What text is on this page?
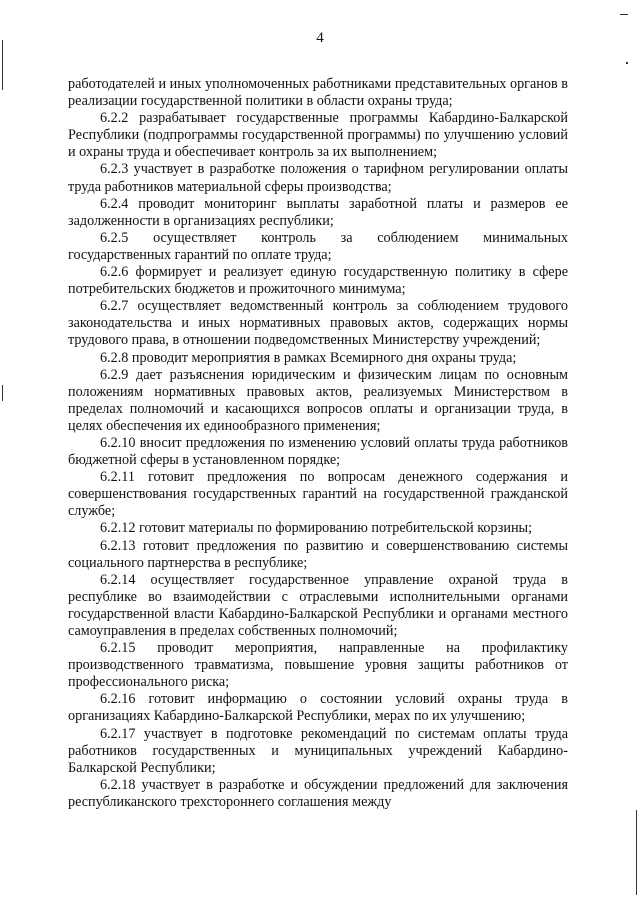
4

работодателей и иных уполномоченных работниками представительных органов в реализации государственной политики в области охраны труда;

6.2.2 разрабатывает государственные программы Кабардино-Балкарской Республики (подпрограммы государственной программы) по улучшению условий и охраны труда и обеспечивает контроль за их выполнением;

6.2.3 участвует в разработке положения о тарифном регулировании оплаты труда работников материальной сферы производства;

6.2.4 проводит мониторинг выплаты заработной платы и размеров ее задолженности в организациях республики;

6.2.5 осуществляет контроль за соблюдением минимальных государственных гарантий по оплате труда;

6.2.6 формирует и реализует единую государственную политику в сфере потребительских бюджетов и прожиточного минимума;

6.2.7 осуществляет ведомственный контроль за соблюдением трудового законодательства и иных нормативных правовых актов, содержащих нормы трудового права, в отношении подведомственных Министерству учреждений;

6.2.8 проводит мероприятия в рамках Всемирного дня охраны труда;

6.2.9 дает разъяснения юридическим и физическим лицам по основным положениям нормативных правовых актов, реализуемых Министерством в пределах полномочий и касающихся вопросов оплаты и организации труда, в целях обеспечения их единообразного применения;

6.2.10 вносит предложения по изменению условий оплаты труда работников бюджетной сферы в установленном порядке;

6.2.11 готовит предложения по вопросам денежного содержания и совершенствования государственных гарантий на государственной гражданской службе;

6.2.12 готовит материалы по формированию потребительской корзины;

6.2.13 готовит предложения по развитию и совершенствованию системы социального партнерства в республике;

6.2.14 осуществляет государственное управление охраной труда в республике во взаимодействии с отраслевыми исполнительными органами государственной власти Кабардино-Балкарской Республики и органами местного самоуправления в пределах собственных полномочий;

6.2.15 проводит мероприятия, направленные на профилактику производственного травматизма, повышение уровня защиты работников от профессионального риска;

6.2.16 готовит информацию о состоянии условий охраны труда в организациях Кабардино-Балкарской Республики, мерах по их улучшению;

6.2.17 участвует в подготовке рекомендаций по системам оплаты труда работников государственных и муниципальных учреждений Кабардино-Балкарской Республики;

6.2.18 участвует в разработке и обсуждении предложений для заключения республиканского трехстороннего соглашения между
